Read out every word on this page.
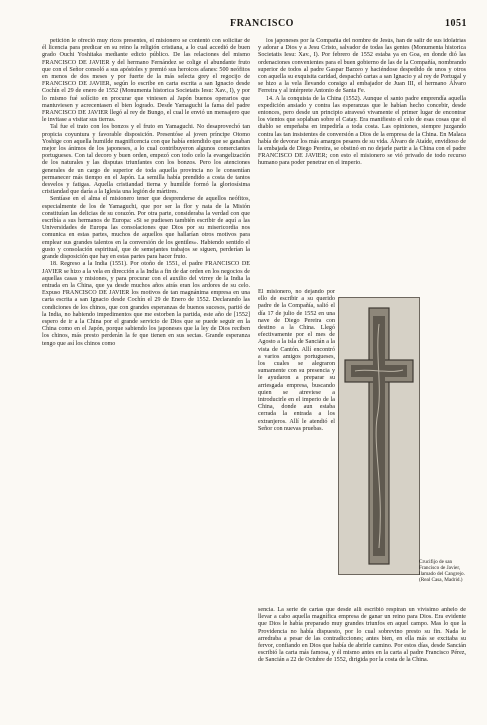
FRANCISCO	1051

petición le ofreció muy ricos presentes, el misionero se contentó con solicitar de él licencia para predicar en su reino la religión cristiana, a lo cual accedió de buen grado Ouchi Yoshitaka mediante edicto público. De las relaciones del mismo FRANCISCO DE JAVIER y del hermano Fernández se colige el abundante fruto que con el Señor consoló a sus apóstoles y premió sus heroicos afanes: 500 neófitos en menos de dos meses y por fuerte de la más selecta grey el regocijo de FRANCISCO DE JAVIER, según lo escribe en carta escrita a san Ignacio desde Cochín el 29 de enero de 1552 (Monumenta historica Societatis Iesu: Xav., I), y por lo mismo fué solícito en procurar que viniesen al Japón buenos operarios que mantuviesen y acrecentasen el bien logrado. Desde Yamaguchi la fama del padre FRANCISCO DE JAVIER llegó al rey de Bungo, el cual le envió un mensajero que le invitase a visitar sus tierras.

Tal fue el trato con los bonzos y el fruto en Yamaguchi. No desaprovechó tan propicia coyuntura y favorable disposición. Presentóse al joven príncipe Otomo Yoshige con aquella humilde magnificencia con que había entendido que se ganaban mejor los ánimos de los japoneses, a lo cual contribuyeron algunos comerciantes portugueses. Con tal decoro y buen orden, empezó con todo celo la evangelización de los naturales y las disputas triunfantes con los bonzos. Pero los atenciones generales de un cargo de superior de toda aquella provincia no le consentían permanecer más tiempo en el Japón. La semilla había prendido a costa de tantos desvelos y fatigas. Aquella cristiandad tierna y humilde formó la gloriosísima cristiandad que daría a la Iglesia una legión de mártires.

Sentíase en el alma el misionero tener que desprenderse de aquellos neófitos, especialmente de los de Yamaguchi, que por ser la flor y nata de la Misión constituían las delicias de su corazón. Por otra parte, consideraba la verdad con que escribía a sus hermanos de Europa: «Si se pudiesen también escribir de aquí a las Universidades de Europa las consolaciones que Dios por su misericordia nos comunica en estas partes, muchos de aquellos que hallarían otros motivos para emplear sus grandes talentos en la conversión de los gentiles». Habiendo sentido el gusto y consolación espiritual, que de semejantes trabajos se siguen, perderían la grande disposición que hay en estas partes para hacer fruto.

18. Regreso a la India (1551). Por otoño de 1551, el padre FRANCISCO DE JAVIER se hizo a la vela en dirección a la India a fin de dar orden en los negocios de aquellas casas y misiones, y para procurar con el auxilio del virrey de la India la entrada en la China, que ya desde muchos años atrás eran los ardores de su celo. Expuso FRANCISCO DE JAVIER los motivos de tan magnánima empresa en una carta escrita a san Ignacio desde Cochín el 29 de Enero de 1552. Declarando las condiciones de los chinos, que con grandes esperanzas de buenos sucesos, partió de la India, no habiendo impedimentos que me estorben la partida, este año de [1552] espero de ir a la China por el grande servicio de Dios que se puede seguir en la China como en el Japón, porque sabiendo los japoneses que la ley de Dios reciben los chinos, más presto perderán la fe que tienen en sus sectas. Grande esperanza tengo que así los chinos como

los japoneses por la Compañía del nombre de Jesús, han de salir de sus idolatrías y adorar a Dios y a Jesu Cristo, salvador de todas las gentes (Monumenta historica Societatis Iesu: Xav., I). Por febrero de 1552 estaba ya en Goa, en donde dió las ordenaciones convenientes para el buen gobierno de las de la Compañía, nombrando superior de todos al padre Gaspar Barzeo y haciéndose despedido de unos y otros con aquella su exquisita caridad, despachó cartas a san Ignacio y al rey de Portugal y se hizo a la vela llevando consigo al embajador de Juan III, el hermano Álvaro Ferreira y al intérprete Antonio de Santa Fe.

14. A la conquista de la China (1552). Aunque el santo padre emprendía aquella expedición ansiado y contra las esperanzas que le habían hecho concebir, desde entonces, pero desde un principio atravesó vivamente el primer lugar de encontrar los vientos que soplaban sobre el Catay. Era manifiesto el celo de esas cosas que el diablo se empeñaba en impedirla a toda costa. Las opiniones, siempre juzgando contra las tan insistentes de conversión a Dios de la empresa de la China. En Malaca había de devorar los más amargos pesares de su vida. Álvaro de Ataíde, envidioso de la embajada de Diego Pereira, se obstinó en no dejarle partir a la China con el padre FRANCISCO DE JAVIER; con esto el misionero se vió privado de todo recurso humano para poder penetrar en el imperio.

El misionero, no dejando por ello de escribir a su querido padre de la Compañía, salió el día 17 de julio de 1552 en una nave de Diego Pereira con destino a la China. Llegó efectivamente por el mes de Agosto a la isla de Sancián a la vista de Cantón. Allí encontró a varios amigos portugueses, los cuales se alegraron sumamente con su presencia y le ayudaron a preparar su arriesgada empresa, buscando quien se atreviese a introducirle en el imperio de la China, donde aun estaba cerrada la entrada a los extranjeros. Allí le atendió el Señor con nuevas pruebas.
Crucifijo de san Francisco de Javier, llamado del Cangrejo. (Real Casa, Madrid.)
sencia. La serie de cartas que desde allí escribió respiran un vivísimo anhelo de llevar a cabo aquella magnífica empresa de ganar un reino para Dios. Era evidente que Dios le había preparado muy grandes triunfos en aquel campo. Mas lo que la Providencia no había dispuesto, por lo cual sobrevino presto su fin. Nada le arredraba a pesar de las contradicciones; antes bien, en ella más se excitaba su fervor, confiando en Dios que había de abrirle camino. Por estos días, desde Sancián escribió la carta más famosa, y él mismo antes en la carta al padre Francisco Pérez, de Sancián a 22 de Octubre de 1552, dirigida por la costa de la China.
